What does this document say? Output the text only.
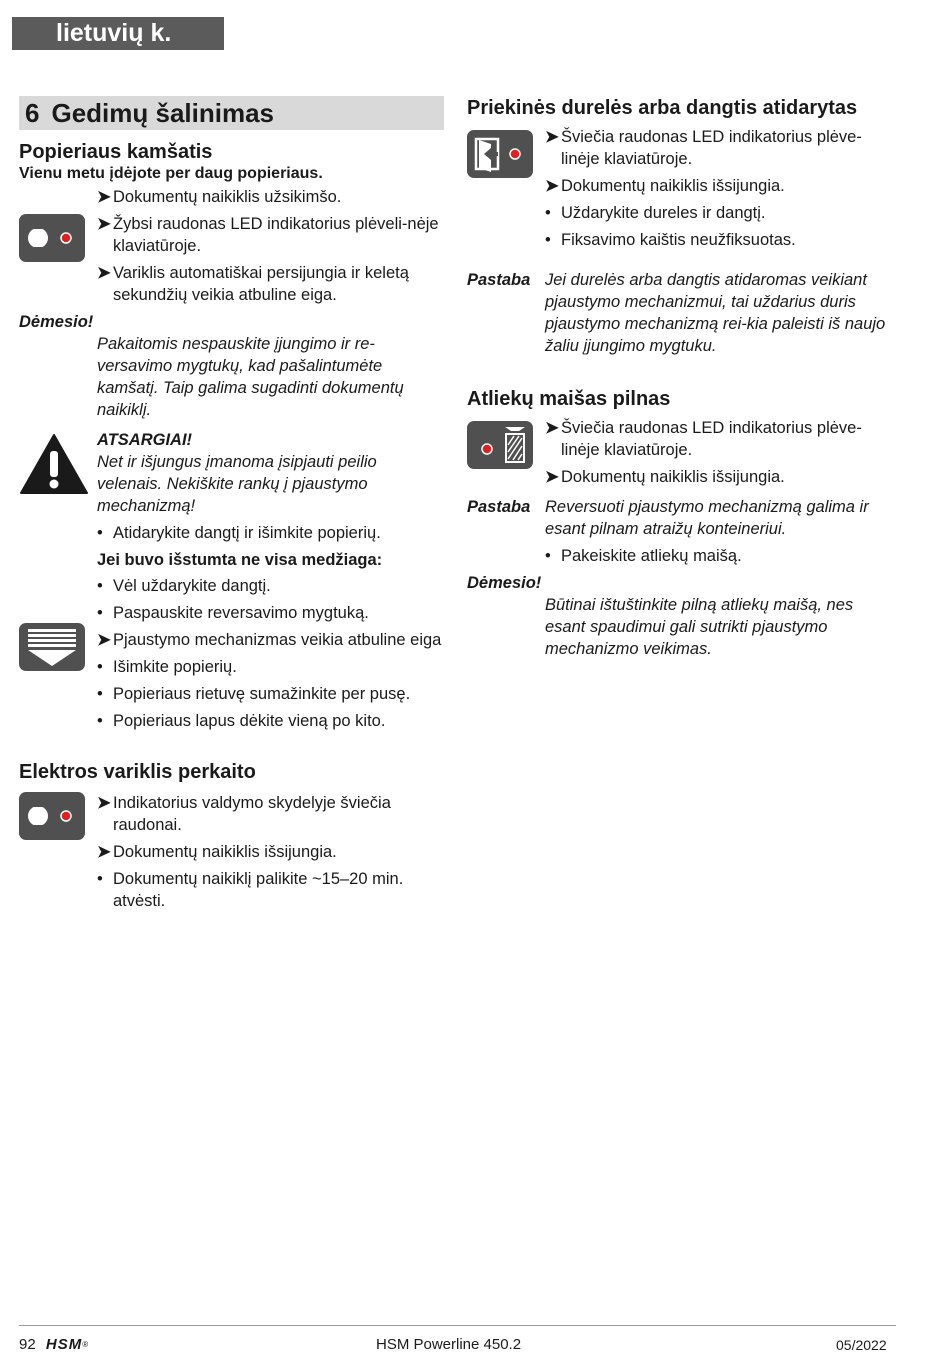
lietuvių k.
6 Gedimų šalinimas
Popieriaus kamšatis
Vienu metu įdėjote per daug popieriaus.
➤ Dokumentų naikiklis užsikimšo.
➤ Žybsi raudonas LED indikatorius plėveli-nėje klaviatūroje.
➤ Variklis automatiškai persijungia ir keletą sekundžių veikia atbuline eiga.
Dėmesio!
Pakaitomis nespauskite įjungimo ir re-versavimo mygtukų, kad pašalintumėte kamšatį. Taip galima sugadinti dokumentų naikiklį.
ATSARGIAI!
Net ir išjungus įmanoma įsipjauti peilio velenais. Nekiškite rankų į pjaustymo mechanizmą!
• Atidarykite dangtį ir išimkite popierių.
Jei buvo išstumta ne visa medžiaga:
• Vėl uždarykite dangtį.
• Paspauskite reversavimo mygtuką.
➤ Pjaustymo mechanizmas veikia atbuline eiga
• Išimkite popierių.
• Popieriaus rietuvę sumažinkite per pusę.
• Popieriaus lapus dėkite vieną po kito.
Elektros variklis perkaito
➤ Indikatorius valdymo skydelyje šviečia raudonai.
➤ Dokumentų naikiklis išsijungia.
• Dokumentų naikiklį palikite ~15–20 min. atvėsti.
Priekinės durelės arba dangtis atidarytas
➤ Šviečia raudonas LED indikatorius plėve-linėje klaviatūroje.
➤ Dokumentų naikiklis išsijungia.
• Uždarykite dureles ir dangtį.
• Fiksavimo kaištis neužfiksuotas.
Pastaba Jei durelės arba dangtis atidaromas veikiant pjaustymo mechanizmui, tai uždarius duris pjaustymo mechanizmą rei-kia paleisti iš naujo žaliu įjungimo mygtuku.
Atliekų maišas pilnas
➤ Šviečia raudonas LED indikatorius plėve-linėje klaviatūroje.
➤ Dokumentų naikiklis išsijungia.
Pastaba Reversuoti pjaustymo mechanizmą galima ir esant pilnam atraižų konteineriui.
• Pakeiskite atliekų maišą.
Dėmesio!
Būtinai ištuštinkite pilną atliekų maišą, nes esant spaudimui gali sutrikti pjaustymo mechanizmo veikimas.
92 HSM®	HSM Powerline 450.2	05/2022
